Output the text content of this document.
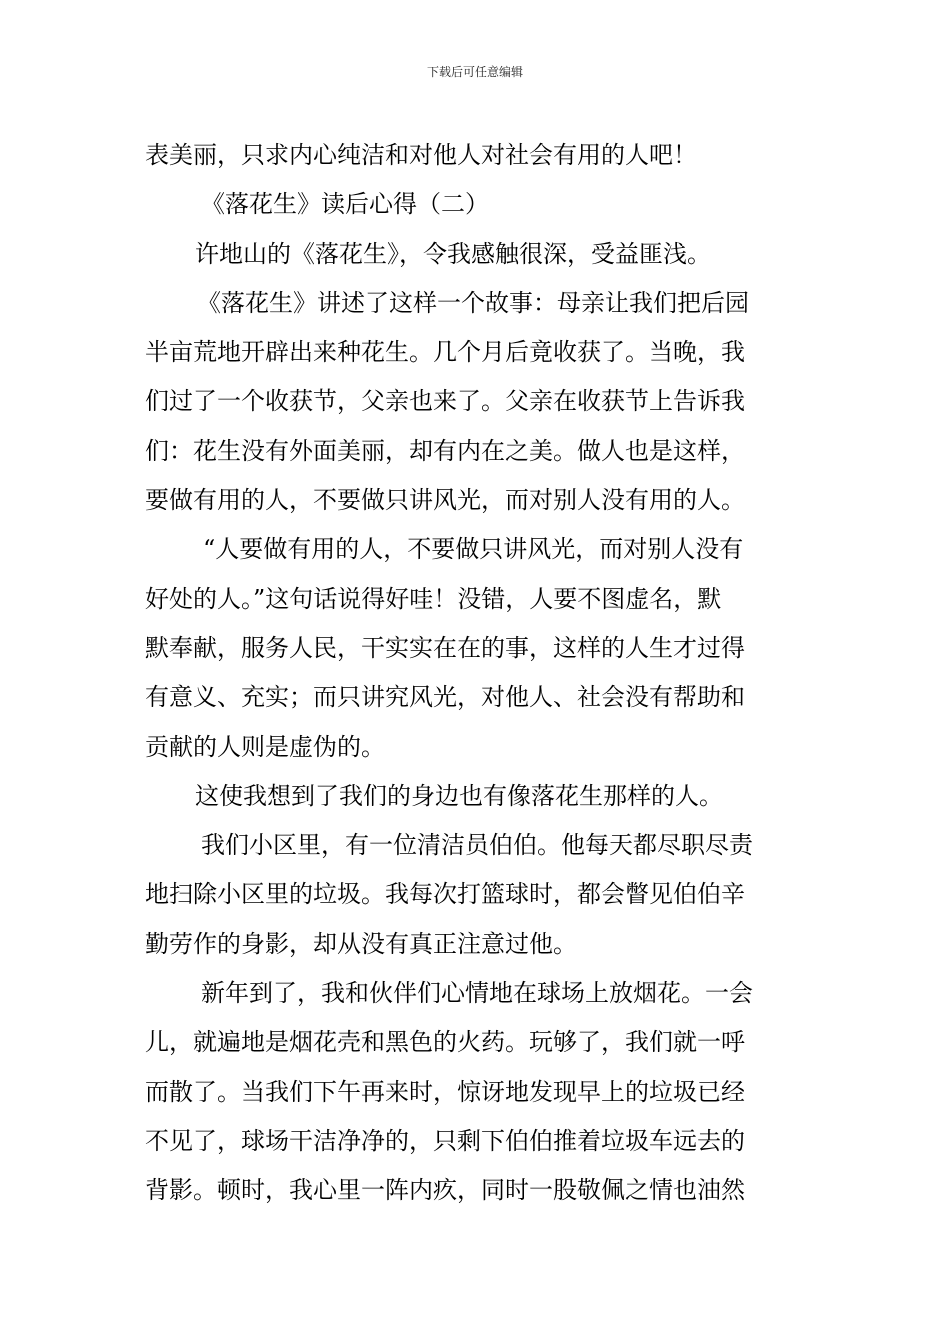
下载后可任意编辑
表美丽，只求内心纯洁和对他人对社会有用的人吧！
《落花生》读后心得（二）
许地山的《落花生》，令我感触很深，受益匪浅。
《落花生》讲述了这样一个故事：母亲让我们把后园
半亩荒地开辟出来种花生。几个月后竟收获了。当晚，我
们过了一个收获节，父亲也来了。父亲在收获节上告诉我
们：花生没有外面美丽，却有内在之美。做人也是这样，
要做有用的人，不要做只讲风光，而对别人没有用的人。
“人要做有用的人，不要做只讲风光，而对别人没有
好处的人。”这句话说得好哇！没错，人要不图虚名，默
默奉献，服务人民，干实实在在的事，这样的人生才过得
有意义、充实；而只讲究风光，对他人、社会没有帮助和
贡献的人则是虚伪的。
这使我想到了我们的身边也有像落花生那样的人。
我们小区里，有一位清洁员伯伯。他每天都尽职尽责
地扫除小区里的垃圾。我每次打篮球时，都会瞥见伯伯辛
勤劳作的身影，却从没有真正注意过他。
新年到了，我和伙伴们心情地在球场上放烟花。一会
儿，就遍地是烟花壳和黑色的火药。玩够了，我们就一呼
而散了。当我们下午再来时，惊讶地发现早上的垃圾已经
不见了，球场干洁净净的，只剩下伯伯推着垃圾车远去的
背影。顿时，我心里一阵内疚，同时一股敬佩之情也油然
